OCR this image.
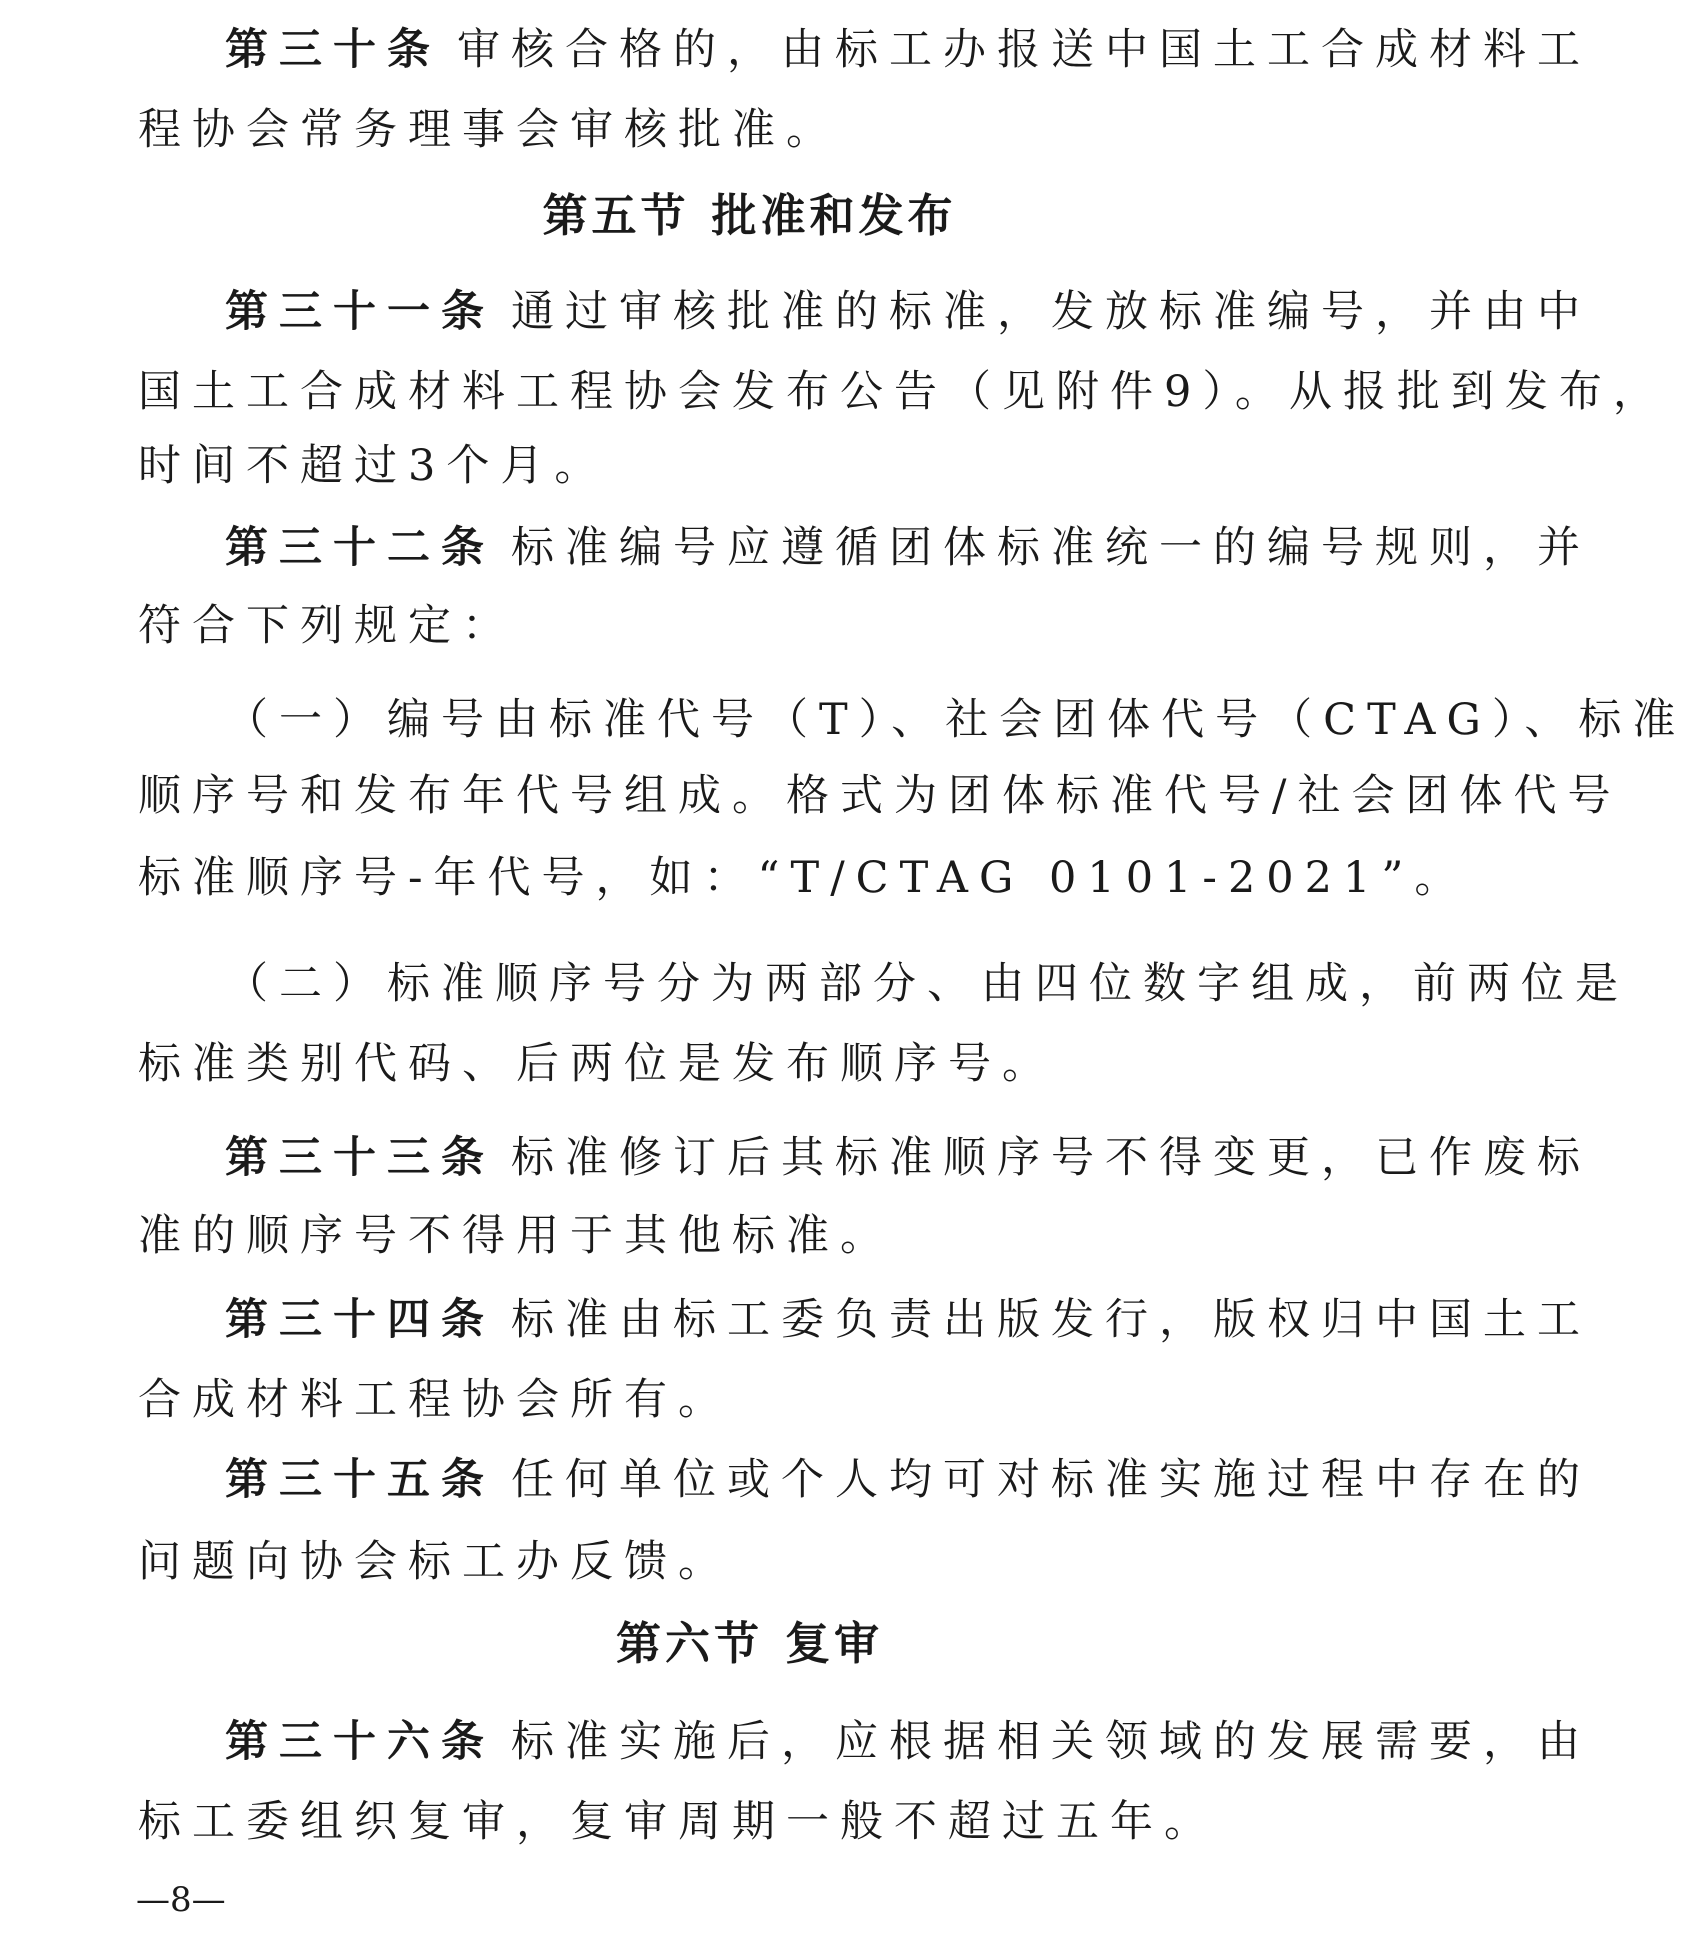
第三十条 审核合格的，由标工办报送中国土工合成材料工
程协会常务理事会审核批准。
第五节 批准和发布
第三十一条 通过审核批准的标准，发放标准编号，并由中
国土工合成材料工程协会发布公告（见附件9）。从报批到发布，
时间不超过3个月。
第三十二条 标准编号应遵循团体标准统一的编号规则，并
符合下列规定：
（一）编号由标准代号（T）、社会团体代号（CTAG）、标准
顺序号和发布年代号组成。格式为团体标准代号/社会团体代号
标准顺序号-年代号，如：“T/CTAG 0101-2021”。
（二）标准顺序号分为两部分、由四位数字组成，前两位是
标准类别代码、后两位是发布顺序号。
第三十三条 标准修订后其标准顺序号不得变更，已作废标
准的顺序号不得用于其他标准。
第三十四条 标准由标工委负责出版发行，版权归中国土工
合成材料工程协会所有。
第三十五条 任何单位或个人均可对标准实施过程中存在的
问题向协会标工办反馈。
第六节 复审
第三十六条 标准实施后，应根据相关领域的发展需要，由
标工委组织复审，复审周期一般不超过五年。
—8—
